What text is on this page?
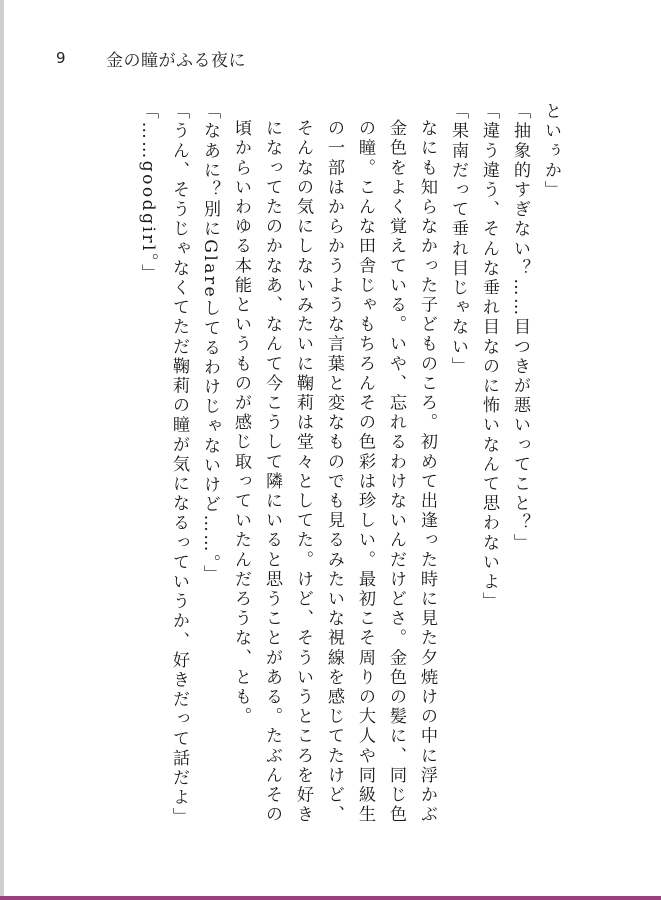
9	金の瞳がふる夜に

といぅか」

「抽象的すぎない？……目つきが悪いってこと？」

「違う違う、そんな垂れ目なのに怖いなんて思わないよ」

「果南だって垂れ目じゃない」

なにも知らなかった子どものころ。初めて出逢った時に見た夕焼けの中に浮かぶ金色をよく覚えている。いや、忘れるわけないんだけどさ。金色の髪に、同じ色の瞳。こんな田舎じゃもちろんその色彩は珍しい。最初こそ周りの大人や同級生の一部はからかうような言葉と変なものでも見るみたいな視線を感じてたけど、そんなの気にしないみたいに鞠莉は堂々としてた。けど、そういうところを好きになってたのかなあ、なんて今こうして隣にいると思うことがある。たぶんその頃からいわゆる本能というものが感じ取っていたんだろうな、とも。

「なあに？別にGlareしてるわけじゃないけど……。」

「うん、そうじゃなくてただ鞠莉の瞳が気になるっていうか、好きだって話だよ」

「……goodgirl。」
